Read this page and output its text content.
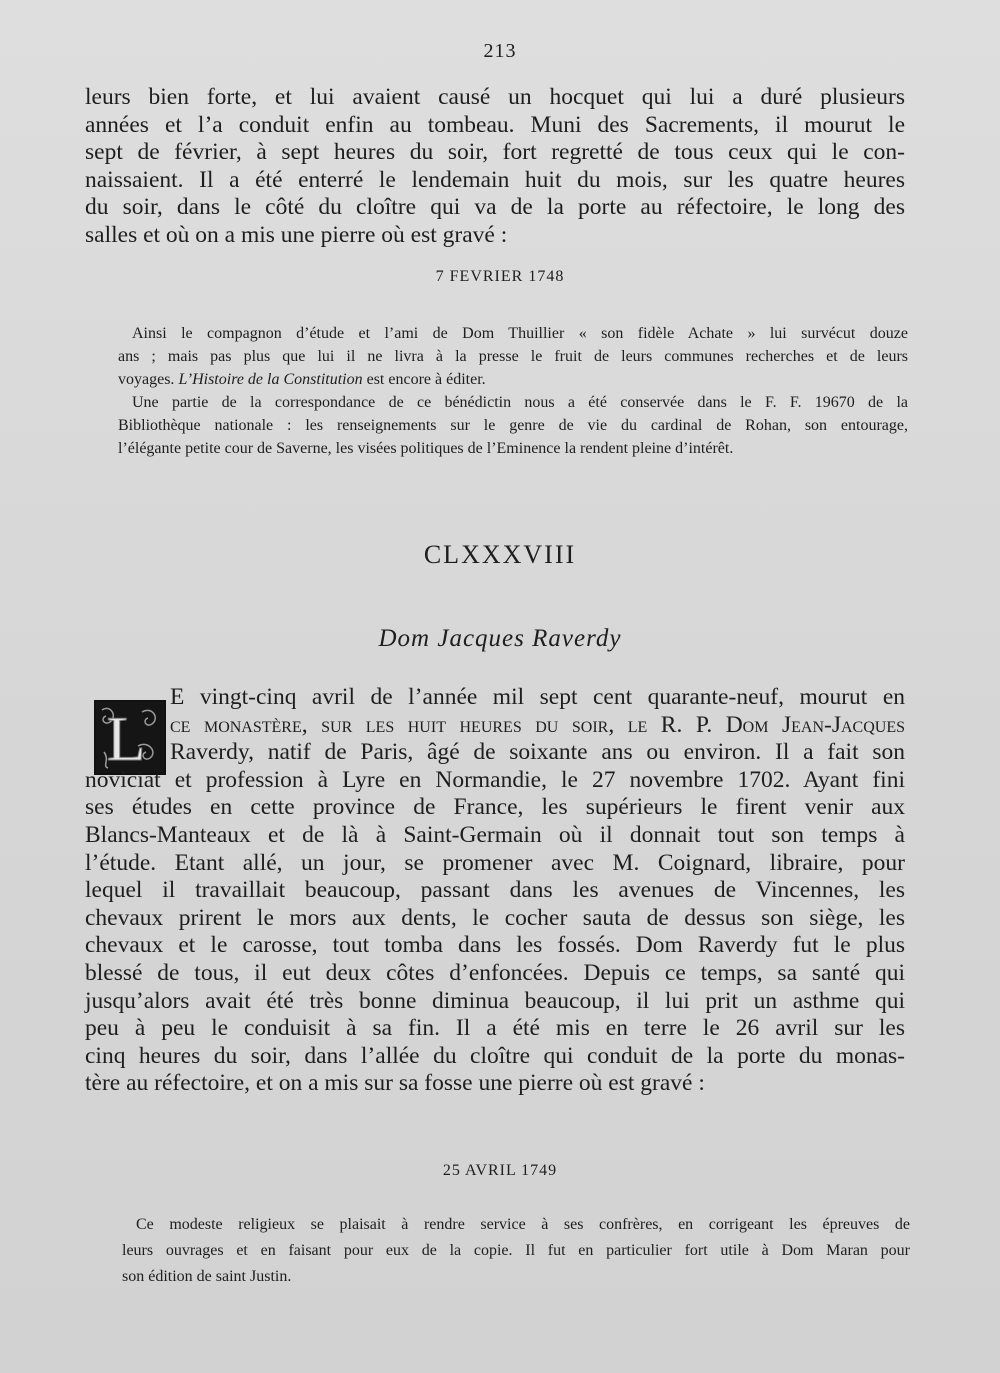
213

leurs bien forte, et lui avaient causé un hocquet qui lui a duré plusieurs
années et l’a conduit enfin au tombeau. Muni des Sacrements, il mourut le
sept de février, à sept heures du soir, fort regretté de tous ceux qui le con-
naissaient. Il a été enterré le lendemain huit du mois, sur les quatre heures
du soir, dans le côté du cloître qui va de la porte au réfectoire, le long des
salles et où on a mis une pierre où est gravé :

7 FEVRIER 1748

Ainsi le compagnon d’étude et l’ami de Dom Thuillier « son fidèle Achate » lui survécut douze
ans ; mais pas plus que lui il ne livra à la presse le fruit de leurs communes recherches et de leurs
voyages. L’Histoire de la Constitution est encore à éditer.
Une partie de la correspondance de ce bénédictin nous a été conservée dans le F. F. 19670 de la
Bibliothèque nationale : les renseignements sur le genre de vie du cardinal de Rohan, son entourage,
l’élégante petite cour de Saverne, les visées politiques de l’Eminence la rendent pleine d’intérêt.

CLXXXVIII
Dom Jacques Raverdy
L

E vingt-cinq avril de l’année mil sept cent quarante-neuf, mourut en
ce monastère, sur les huit heures du soir, le R. P. Dom Jean-Jacques
Raverdy, natif de Paris, âgé de soixante ans ou environ. Il a fait son
noviciat et profession à Lyre en Normandie, le 27 novembre 1702. Ayant fini
ses études en cette province de France, les supérieurs le firent venir aux
Blancs-Manteaux et de là à Saint-Germain où il donnait tout son temps à
l’étude. Etant allé, un jour, se promener avec M. Coignard, libraire, pour
lequel il travaillait beaucoup, passant dans les avenues de Vincennes, les
chevaux prirent le mors aux dents, le cocher sauta de dessus son siège, les
chevaux et le carosse, tout tomba dans les fossés. Dom Raverdy fut le plus
blessé de tous, il eut deux côtes d’enfoncées. Depuis ce temps, sa santé qui
jusqu’alors avait été très bonne diminua beaucoup, il lui prit un asthme qui
peu à peu le conduisit à sa fin. Il a été mis en terre le 26 avril sur les
cinq heures du soir, dans l’allée du cloître qui conduit de la porte du monas-
tère au réfectoire, et on a mis sur sa fosse une pierre où est gravé :

25 AVRIL 1749

Ce modeste religieux se plaisait à rendre service à ses confrères, en corrigeant les épreuves de
leurs ouvrages et en faisant pour eux de la copie. Il fut en particulier fort utile à Dom Maran pour
son édition de saint Justin.
